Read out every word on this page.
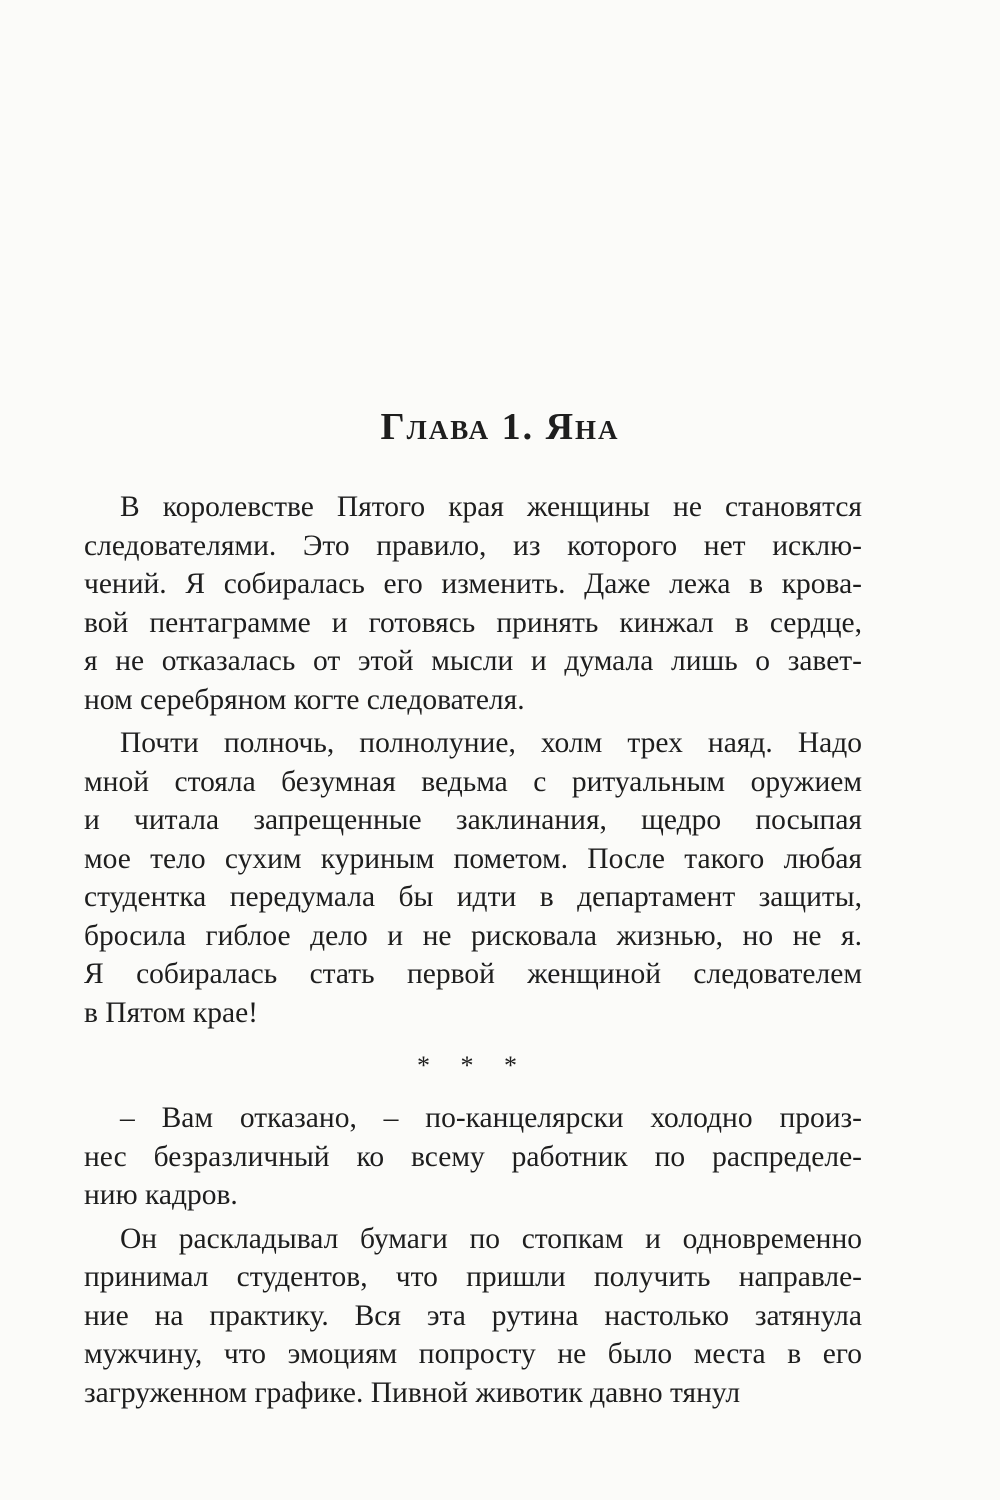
Глава 1. Яна
В королевстве Пятого края женщины не становятся
следователями. Это правило, из которого нет исклю-
чений. Я собиралась его изменить. Даже лежа в крова-
вой пентаграмме и готовясь принять кинжал в сердце,
я не отказалась от этой мысли и думала лишь о завет-
ном серебряном когте следователя.
Почти полночь, полнолуние, холм трех наяд. Надо
мной стояла безумная ведьма с ритуальным оружием
и читала запрещенные заклинания, щедро посыпая
мое тело сухим куриным пометом. После такого любая
студентка передумала бы идти в департамент защиты,
бросила гиблое дело и не рисковала жизнью, но не я.
Я собиралась стать первой женщиной следователем
в Пятом крае!
* * *
– Вам отказано, – по-канцелярски холодно произ-
нес безразличный ко всему работник по распределе-
нию кадров.
Он раскладывал бумаги по стопкам и одновременно
принимал студентов, что пришли получить направле-
ние на практику. Вся эта рутина настолько затянула
мужчину, что эмоциям попросту не было места в его
загруженном графике. Пивной животик давно тянул
